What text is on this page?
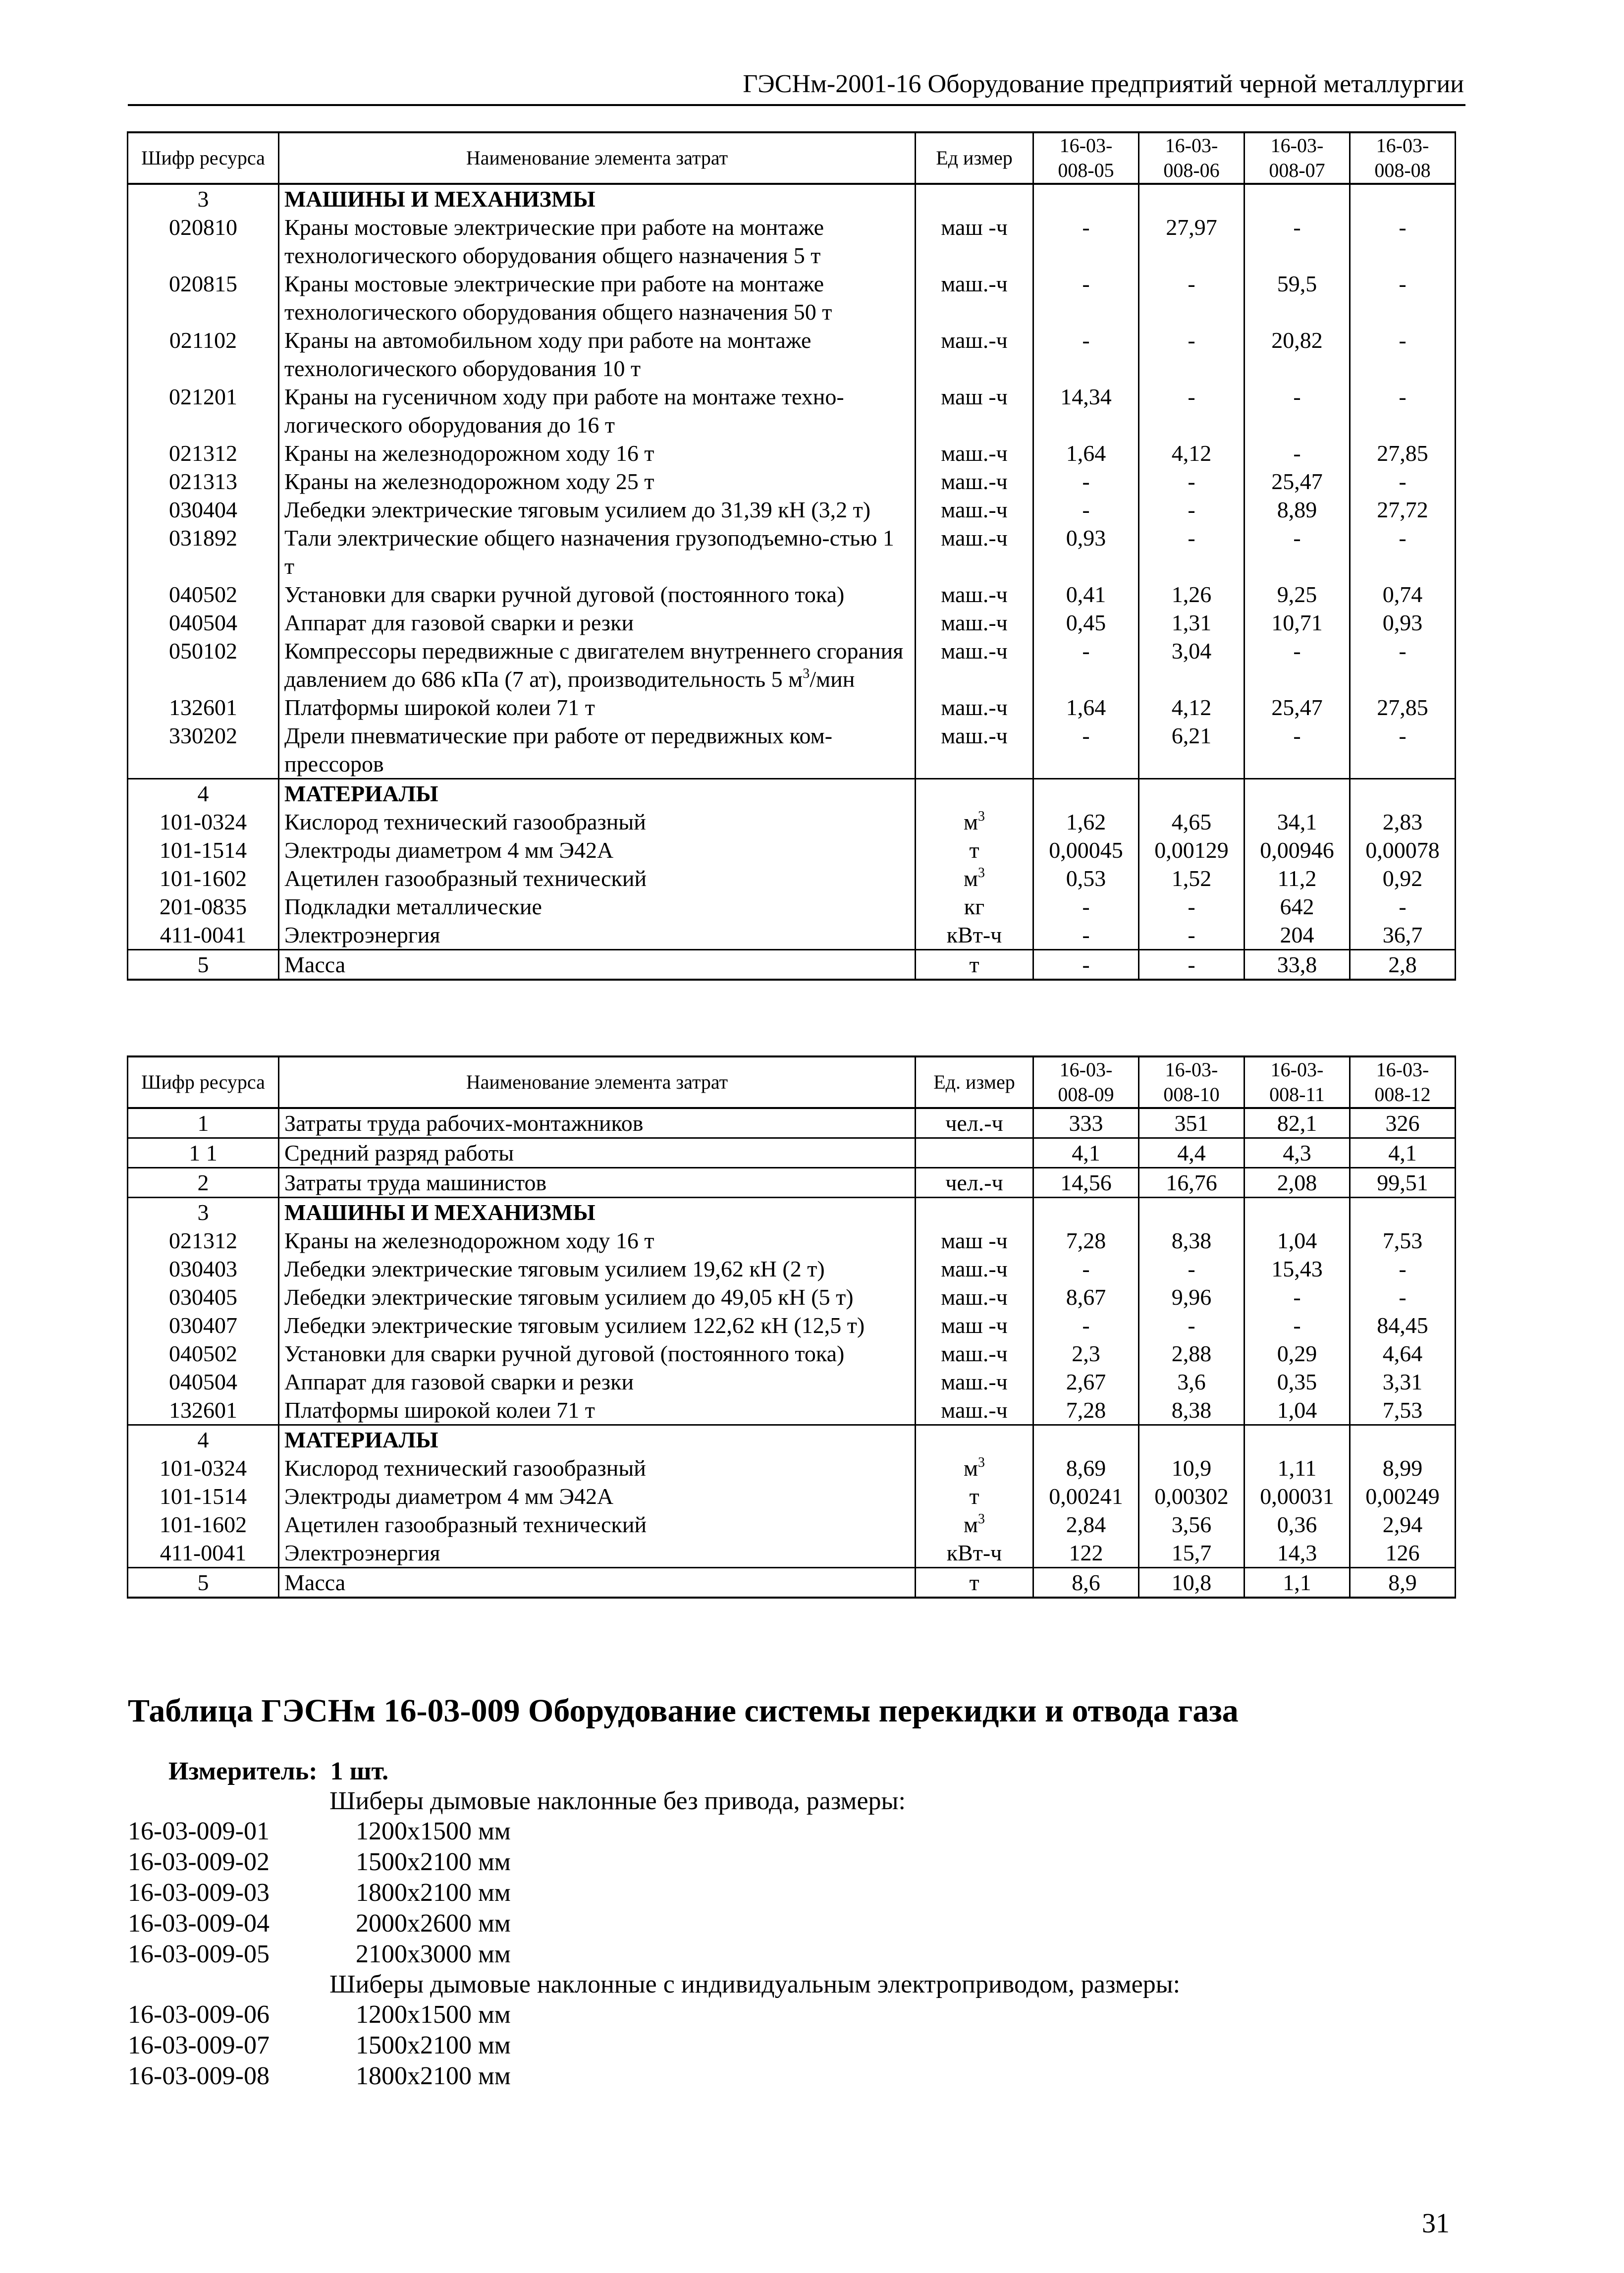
ГЭСНм-2001-16 Оборудование предприятий черной металлургии
Шифр ресурса	Наименование элемента затрат	Ед измер	16-03-
008-05	16-03-
008-06	16-03-
008-07	16-03-
008-08
3	МАШИНЫ И МЕХАНИЗМЫ					
020810	Краны мостовые электрические при работе на монтаже технологического оборудования общего назначения 5 т	маш -ч	-	27,97	-	-
020815	Краны мостовые электрические при работе на монтаже технологического оборудования общего назначения 50 т	маш.-ч	-	-	59,5	-
021102	Краны на автомобильном ходу при работе на монтаже технологического оборудования 10 т	маш.-ч	-	-	20,82	-
021201	Краны на гусеничном ходу при работе на монтаже техно-логического оборудования до 16 т	маш -ч	14,34	-	-	-
021312	Краны на железнодорожном ходу 16 т	маш.-ч	1,64	4,12	-	27,85
021313	Краны на железнодорожном ходу 25 т	маш.-ч	-	-	25,47	-
030404	Лебедки электрические тяговым усилием до 31,39 кН (3,2 т)	маш.-ч	-	-	8,89	27,72
031892	Тали электрические общего назначения грузоподъемно-стью 1 т	маш.-ч	0,93	-	-	-
040502	Установки для сварки ручной дуговой (постоянного тока)	маш.-ч	0,41	1,26	9,25	0,74
040504	Аппарат для газовой сварки и резки	маш.-ч	0,45	1,31	10,71	0,93
050102	Компрессоры передвижные с двигателем внутреннего сгорания давлением до 686 кПа (7 ат), производительность 5 $м^3$/мин	маш.-ч	-	3,04	-	-
132601	Платформы широкой колеи 71 т	маш.-ч	1,64	4,12	25,47	27,85
330202	Дрели пневматические при работе от передвижных ком-прессоров	маш.-ч	-	6,21	-	-
4	МАТЕРИАЛЫ					
101-0324	Кислород технический газообразный	$м^3$	1,62	4,65	34,1	2,83
101-1514	Электроды диаметром 4 мм Э42А	т	0,00045	0,00129	0,00946	0,00078
101-1602	Ацетилен газообразный технический	$м^3$	0,53	1,52	11,2	0,92
201-0835	Подкладки металлические	кг	-	-	642	-
411-0041	Электроэнергия	кВт-ч	-	-	204	36,7
5	Масса	т	-	-	33,8	2,8
Шифр ресурса	Наименование элемента затрат	Ед. измер	16-03-
008-09	16-03-
008-10	16-03-
008-11	16-03-
008-12
1	Затраты труда рабочих-монтажников	чел.-ч	333	351	82,1	326
1 1	Средний разряд работы		4,1	4,4	4,3	4,1
2	Затраты труда машинистов	чел.-ч	14,56	16,76	2,08	99,51
3	МАШИНЫ И МЕХАНИЗМЫ					
021312	Краны на железнодорожном ходу 16 т	маш -ч	7,28	8,38	1,04	7,53
030403	Лебедки электрические тяговым усилием 19,62 кН (2 т)	маш.-ч	-	-	15,43	-
030405	Лебедки электрические тяговым усилием до 49,05 кН (5 т)	маш.-ч	8,67	9,96	-	-
030407	Лебедки электрические тяговым усилием 122,62 кН (12,5 т)	маш -ч	-	-	-	84,45
040502	Установки для сварки ручной дуговой (постоянного тока)	маш.-ч	2,3	2,88	0,29	4,64
040504	Аппарат для газовой сварки и резки	маш.-ч	2,67	3,6	0,35	3,31
132601	Платформы широкой колеи 71 т	маш.-ч	7,28	8,38	1,04	7,53
4	МАТЕРИАЛЫ					
101-0324	Кислород технический газообразный	$м^3$	8,69	10,9	1,11	8,99
101-1514	Электроды диаметром 4 мм Э42А	т	0,00241	0,00302	0,00031	0,00249
101-1602	Ацетилен газообразный технический	$м^3$	2,84	3,56	0,36	2,94
411-0041	Электроэнергия	кВт-ч	122	15,7	14,3	126
5	Масса	т	8,6	10,8	1,1	8,9
Таблица ГЭСНм 16-03-009 Оборудование системы перекидки и отвода газа
Измеритель: 1 шт.
Шиберы дымовые наклонные без привода, размеры:
16-03-009-01	1200х1500 мм
16-03-009-02	1500х2100 мм
16-03-009-03	1800х2100 мм
16-03-009-04	2000х2600 мм
16-03-009-05	2100х3000 мм
Шиберы дымовые наклонные с индивидуальным электроприводом, размеры:
16-03-009-06	1200х1500 мм
16-03-009-07	1500х2100 мм
16-03-009-08	1800х2100 мм
31
